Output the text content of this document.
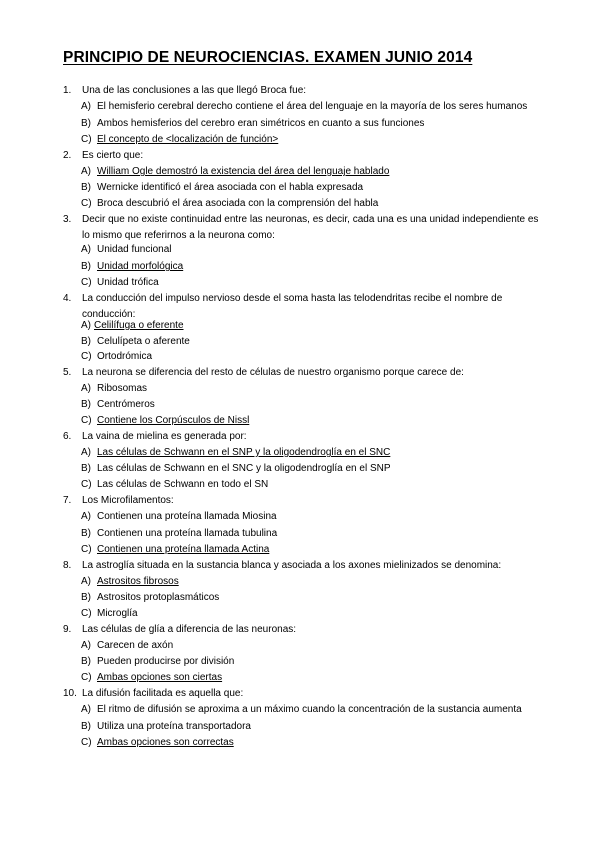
PRINCIPIO DE NEUROCIENCIAS. EXAMEN JUNIO 2014
1.	Una de las conclusiones a las que llegó Broca fue:
A) El hemisferio cerebral derecho contiene el área del lenguaje en la mayoría de los seres humanos
B) Ambos hemisferios del cerebro eran simétricos en cuanto a sus funciones
C) El concepto de <localización de función>
2.	Es cierto que:
A) William Ogle demostró la existencia del área del lenguaje hablado
B) Wernicke identificó el área asociada con el habla expresada
C) Broca descubrió el área asociada con la comprensión del habla
3.	Decir que no existe continuidad entre las neuronas, es decir, cada una es una unidad independiente es lo mismo que referirnos a la neurona como:
A) Unidad funcional
B) Unidad morfológica
C) Unidad trófica
4.	La conducción del impulso nervioso desde el soma hasta las telodendritas recibe el nombre de conducción:
A) Celilífuga o eferente
B) Celulípeta o aferente
C) Ortodrómica
5.	La neurona se diferencia del resto de células de nuestro organismo porque carece de:
A) Ribosomas
B) Centrómeros
C) Contiene los Corpúsculos de Nissl
6.	La vaina de mielina es generada por:
A) Las células de Schwann en el SNP y la oligodendroglía en el SNC
B) Las células de Schwann en el SNC y la oligodendroglía en el SNP
C) Las células de Schwann en todo el SN
7.	Los Microfilamentos:
A) Contienen una proteína llamada Miosina
B) Contienen una proteína llamada tubulina
C) Contienen una proteína llamada Actina
8.	La astroglía situada en la sustancia blanca y asociada a los axones mielinizados se denomina:
A) Astrositos fibrosos
B) Astrositos protoplasmáticos
C) Microglía
9.	Las células de glía a diferencia de las neuronas:
A) Carecen de axón
B) Pueden producirse por división
C) Ambas opciones son ciertas
10. La difusión facilitada es aquella que:
A) El ritmo de difusión se aproxima a un máximo cuando la concentración de la sustancia aumenta
B) Utiliza una proteína transportadora
C) Ambas opciones son correctas
